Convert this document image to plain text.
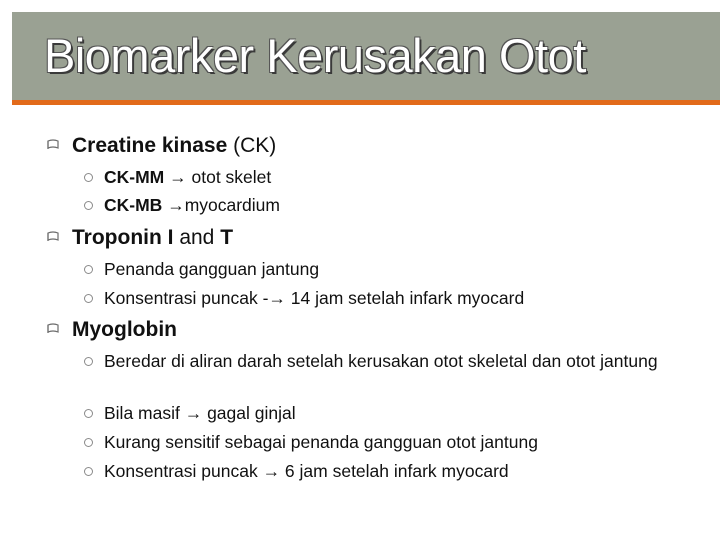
Biomarker Kerusakan Otot
Creatine kinase (CK)
CK-MM → otot skelet
CK-MB →myocardium
Troponin I and T
Penanda gangguan jantung
Konsentrasi puncak -→ 14 jam setelah infark myocard
Myoglobin
Beredar di aliran darah setelah kerusakan otot skeletal dan otot jantung
Bila masif → gagal ginjal
Kurang sensitif sebagai penanda gangguan otot jantung
Konsentrasi puncak → 6 jam setelah infark myocard
